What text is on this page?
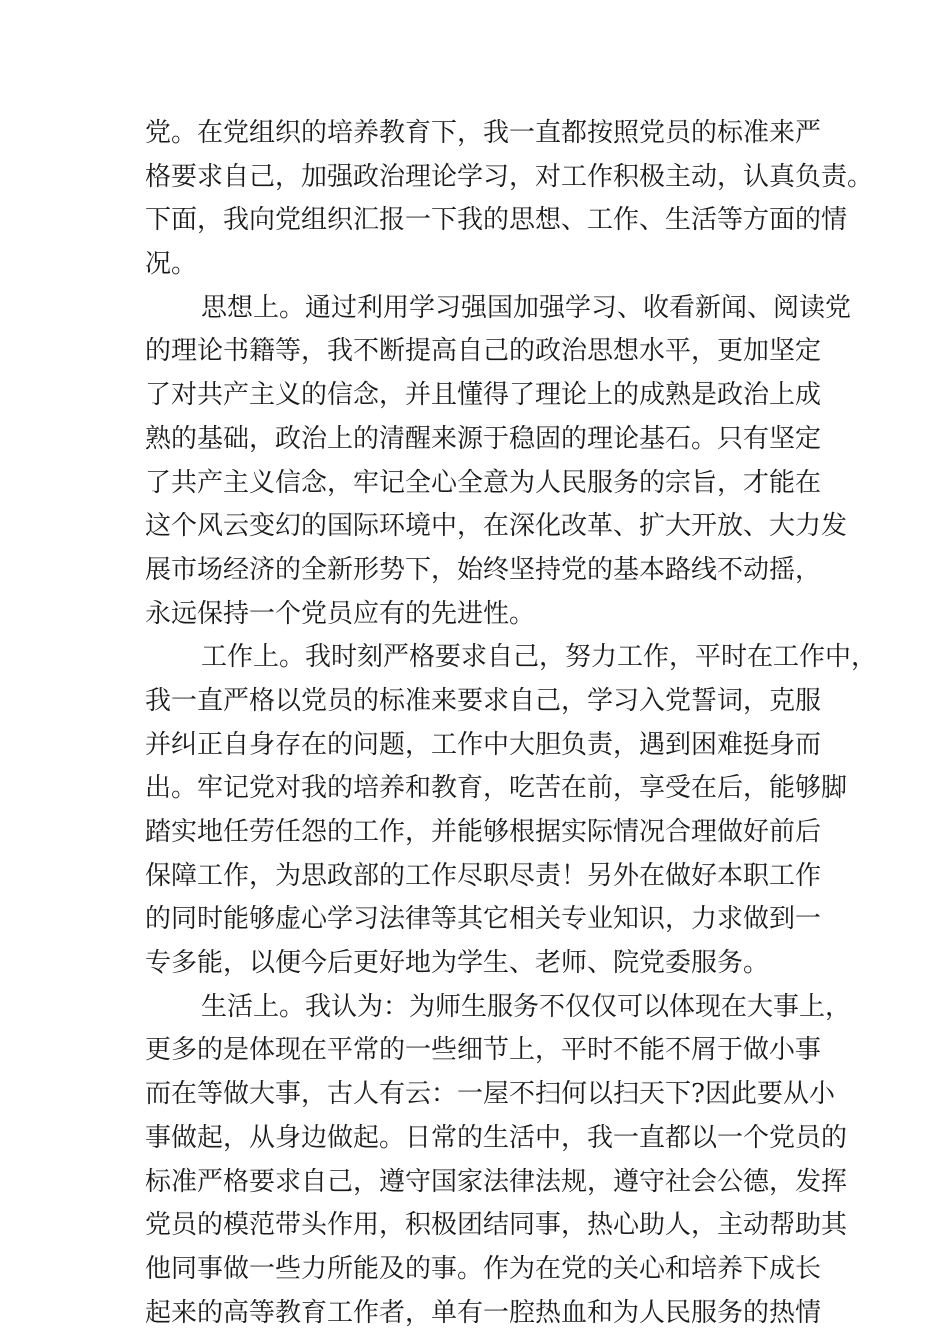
党。在党组织的培养教育下，我一直都按照党员的标准来严
格要求自己，加强政治理论学习，对工作积极主动，认真负责。
下面，我向党组织汇报一下我的思想、工作、生活等方面的情
况。
思想上。通过利用学习强国加强学习、收看新闻、阅读党
的理论书籍等，我不断提高自己的政治思想水平，更加坚定
了对共产主义的信念，并且懂得了理论上的成熟是政治上成
熟的基础，政治上的清醒来源于稳固的理论基石。只有坚定
了共产主义信念，牢记全心全意为人民服务的宗旨，才能在
这个风云变幻的国际环境中，在深化改革、扩大开放、大力发
展市场经济的全新形势下，始终坚持党的基本路线不动摇，
永远保持一个党员应有的先进性。
工作上。我时刻严格要求自己，努力工作，平时在工作中，
我一直严格以党员的标准来要求自己，学习入党誓词，克服
并纠正自身存在的问题，工作中大胆负责，遇到困难挺身而
出。牢记党对我的培养和教育，吃苦在前，享受在后，能够脚
踏实地任劳任怨的工作，并能够根据实际情况合理做好前后
保障工作，为思政部的工作尽职尽责！另外在做好本职工作
的同时能够虚心学习法律等其它相关专业知识，力求做到一
专多能，以便今后更好地为学生、老师、院党委服务。
生活上。我认为：为师生服务不仅仅可以体现在大事上，
更多的是体现在平常的一些细节上，平时不能不屑于做小事
而在等做大事，古人有云：一屋不扫何以扫天下?因此要从小
事做起，从身边做起。日常的生活中，我一直都以一个党员的
标准严格要求自己，遵守国家法律法规，遵守社会公德，发挥
党员的模范带头作用，积极团结同事，热心助人，主动帮助其
他同事做一些力所能及的事。作为在党的关心和培养下成长
起来的高等教育工作者，单有一腔热血和为人民服务的热情
